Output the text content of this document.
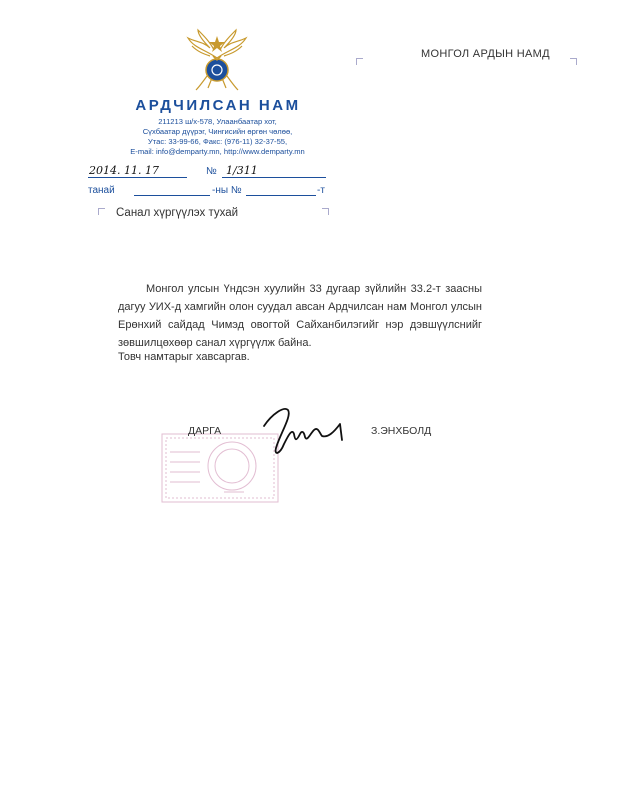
АРДЧИЛСАН НАМ
211213 ш/х-578, Улаанбаатар хот,
Сүхбаатар дүүрэг, Чингисийн өргөн чөлөө,
Утас: 33-99-66, Факс: (976-11) 32-37-55,
E-mail: info@demparty.mn, http://www.demparty.mn
2014. 11. 17	№ 1/311
танай	-ны №	-т
МОНГОЛ АРДЫН НАМД
Санал хүргүүлэх тухай
Монгол улсын Үндсэн хуулийн 33 дугаар зүйлийн 33.2-т заасны дагуу УИХ-д хамгийн олон суудал авсан Ардчилсан нам Монгол улсын Ерөнхий сайдад Чимэд овогтой Сайханбилэгийг нэр дэвшүүлснийг зөвшилцөхөөр санал хүргүүлж байна.
Товч намтарыг хавсаргав.
ДАРГА	З.ЭНХБОЛД
